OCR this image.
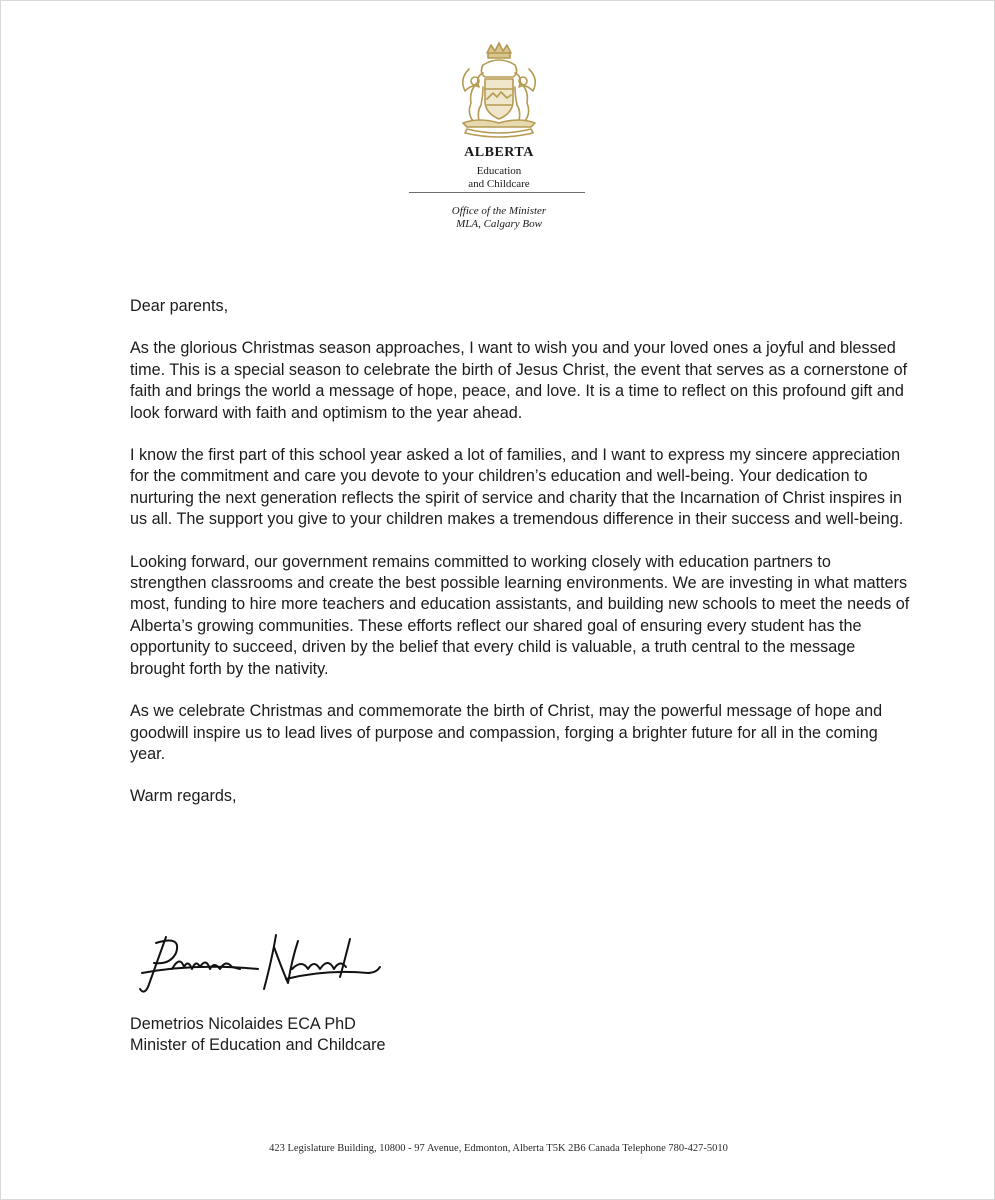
ALBERTA
Education
and Childcare
Office of the Minister
MLA, Calgary Bow

Dear parents,

As the glorious Christmas season approaches, I want to wish you and your loved ones a joyful and blessed time. This is a special season to celebrate the birth of Jesus Christ, the event that serves as a cornerstone of faith and brings the world a message of hope, peace, and love. It is a time to reflect on this profound gift and look forward with faith and optimism to the year ahead.

I know the first part of this school year asked a lot of families, and I want to express my sincere appreciation for the commitment and care you devote to your children’s education and well-being. Your dedication to nurturing the next generation reflects the spirit of service and charity that the Incarnation of Christ inspires in us all. The support you give to your children makes a tremendous difference in their success and well-being.

Looking forward, our government remains committed to working closely with education partners to strengthen classrooms and create the best possible learning environments. We are investing in what matters most, funding to hire more teachers and education assistants, and building new schools to meet the needs of Alberta’s growing communities. These efforts reflect our shared goal of ensuring every student has the opportunity to succeed, driven by the belief that every child is valuable, a truth central to the message brought forth by the nativity.

As we celebrate Christmas and commemorate the birth of Christ, may the powerful message of hope and goodwill inspire us to lead lives of purpose and compassion, forging a brighter future for all in the coming year.

Warm regards,

Demetrios Nicolaides ECA PhD
Minister of Education and Childcare
423 Legislature Building, 10800 - 97 Avenue, Edmonton, Alberta T5K 2B6 Canada Telephone 780-427-5010
